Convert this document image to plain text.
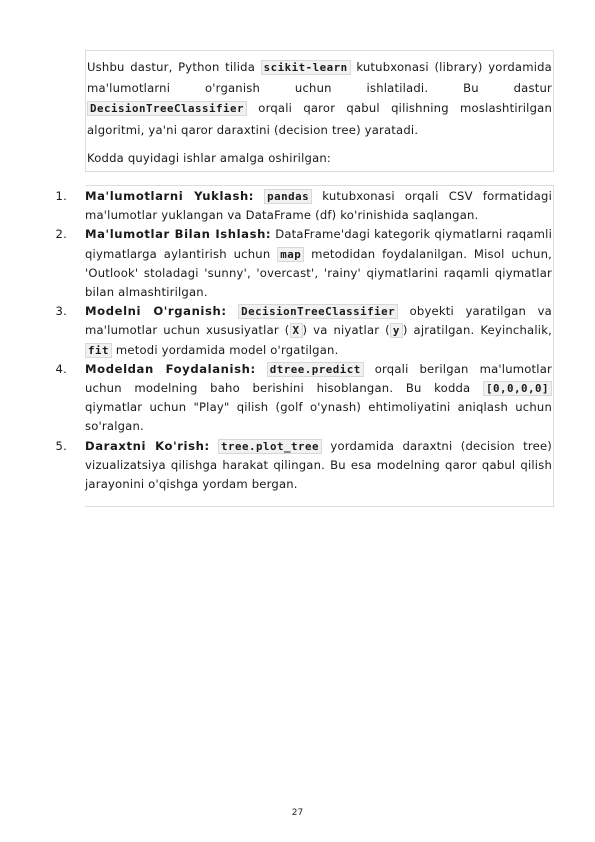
Ushbu dastur, Python tilida scikit-learn kutubxonasi (library) yordamida ma'lumotlarni o'rganish uchun ishlatiladi. Bu dastur DecisionTreeClassifier orqali qaror qabul qilishning moslashtirilgan algoritmi, ya'ni qaror daraxtini (decision tree) yaratadi.

Kodda quyidagi ishlar amalga oshirilgan:

1. Ma'lumotlarni Yuklash: pandas kutubxonasi orqali CSV formatidagi ma'lumotlar yuklangan va DataFrame (df) ko'rinishida saqlangan.
2. Ma'lumotlar Bilan Ishlash: DataFrame'dagi kategorik qiymatlarni raqamli qiymatlarga aylantirish uchun map metodidan foydalanilgan. Misol uchun, 'Outlook' stoladagi 'sunny', 'overcast', 'rainy' qiymatlarini raqamli qiymatlar bilan almashtirilgan.
3. Modelni O'rganish: DecisionTreeClassifier obyekti yaratilgan va ma'lumotlar uchun xususiyatlar ( X ) va niyatlar ( y ) ajratilgan. Keyinchalik, fit metodi yordamida model o'rgatilgan.
4. Modeldan Foydalanish: dtree.predict orqali berilgan ma'lumotlar uchun modelning baho berishini hisoblangan. Bu kodda [0,0,0,0] qiymatlar uchun "Play" qilish (golf o'ynash) ehtimoliyatini aniqlash uchun so'ralgan.
5. Daraxtni Ko'rish: tree.plot_tree yordamida daraxtni (decision tree) vizualizatsiya qilishga harakat qilingan. Bu esa modelning qaror qabul qilish jarayonini o'qishga yordam bergan.
27
